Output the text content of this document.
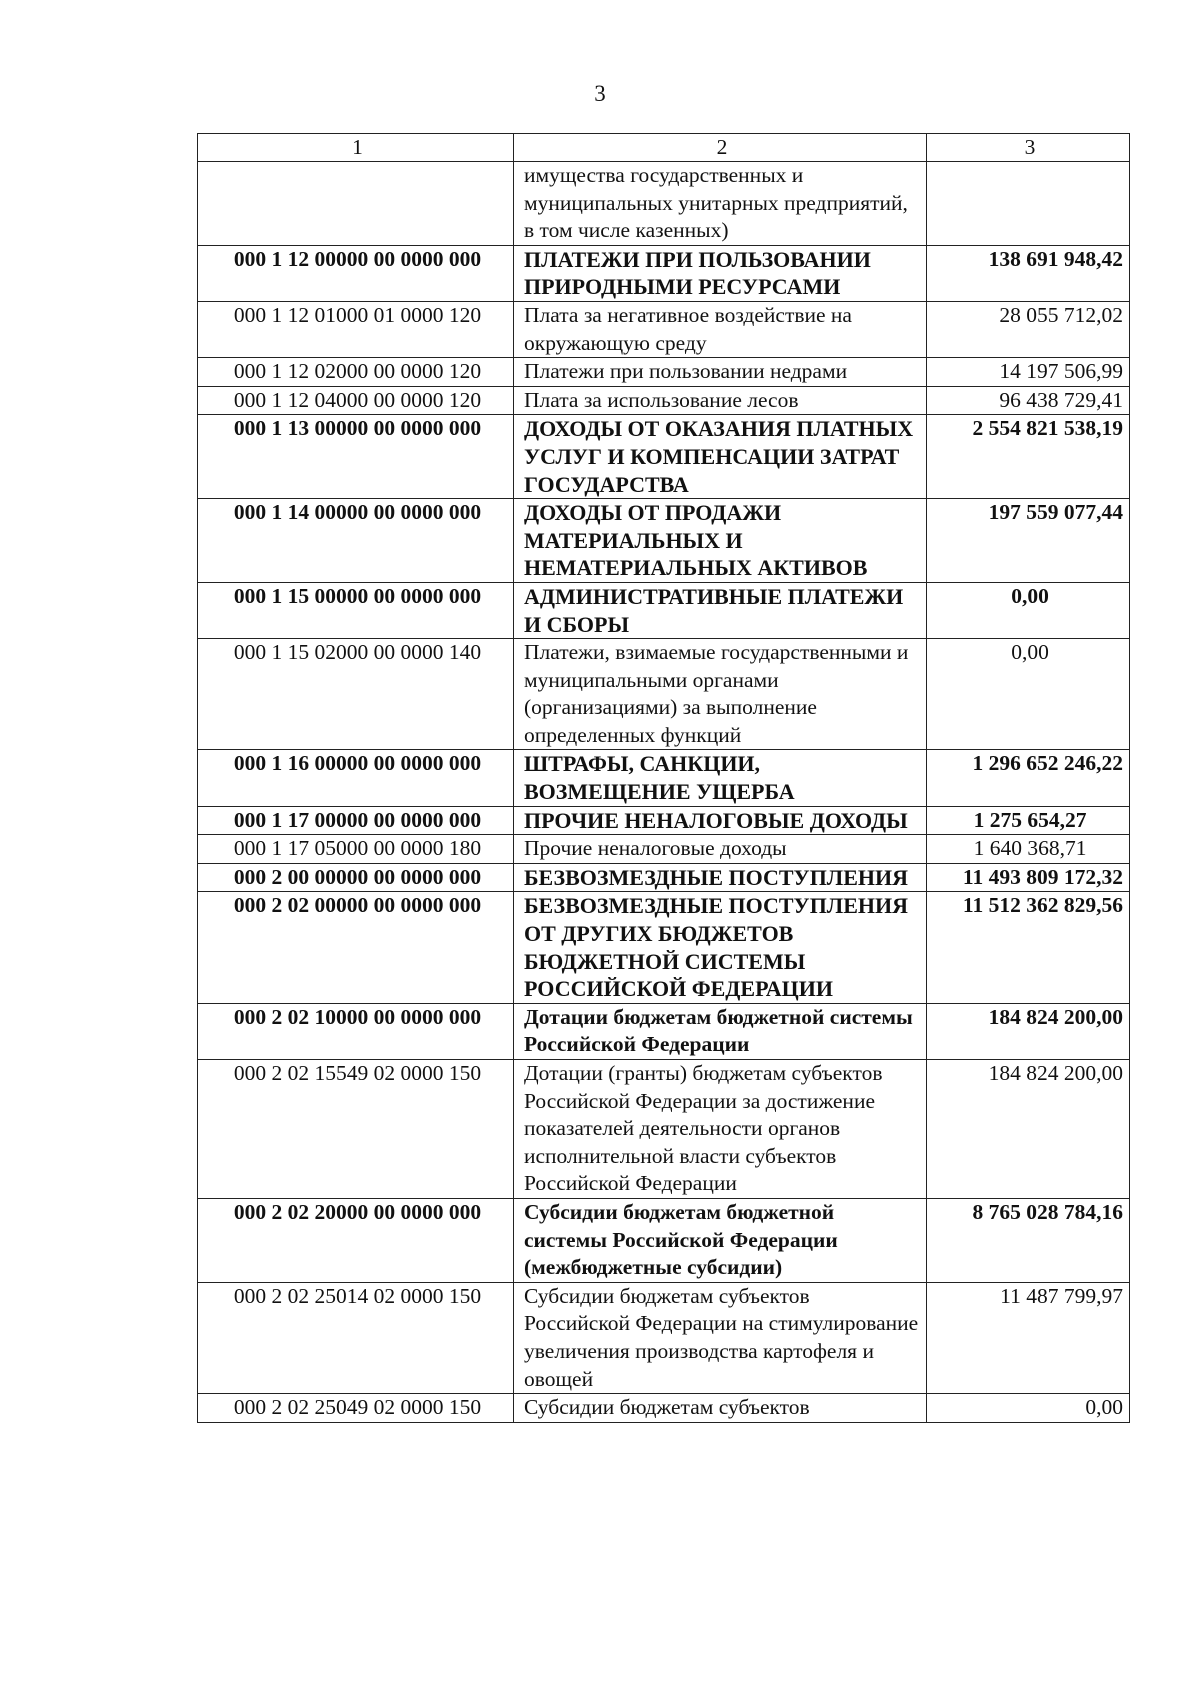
3
1	2	3
	имущества государственных и муниципальных унитарных предприятий, в том числе казенных)	
000 1 12 00000 00 0000 000	ПЛАТЕЖИ ПРИ ПОЛЬЗОВАНИИ ПРИРОДНЫМИ РЕСУРСАМИ	138 691 948,42
000 1 12 01000 01 0000 120	Плата за негативное воздействие на окружающую среду	28 055 712,02
000 1 12 02000 00 0000 120	Платежи при пользовании недрами	14 197 506,99
000 1 12 04000 00 0000 120	Плата за использование лесов	96 438 729,41
000 1 13 00000 00 0000 000	ДОХОДЫ ОТ ОКАЗАНИЯ ПЛАТНЫХ УСЛУГ И КОМПЕНСАЦИИ ЗАТРАТ ГОСУДАРСТВА	2 554 821 538,19
000 1 14 00000 00 0000 000	ДОХОДЫ ОТ ПРОДАЖИ МАТЕРИАЛЬНЫХ И НЕМАТЕРИАЛЬНЫХ АКТИВОВ	197 559 077,44
000 1 15 00000 00 0000 000	АДМИНИСТРАТИВНЫЕ ПЛАТЕЖИ И СБОРЫ	0,00
000 1 15 02000 00 0000 140	Платежи, взимаемые государственными и муниципальными органами (организациями) за выполнение определенных функций	0,00
000 1 16 00000 00 0000 000	ШТРАФЫ, САНКЦИИ, ВОЗМЕЩЕНИЕ УЩЕРБА	1 296 652 246,22
000 1 17 00000 00 0000 000	ПРОЧИЕ НЕНАЛОГОВЫЕ ДОХОДЫ	1 275 654,27
000 1 17 05000 00 0000 180	Прочие неналоговые доходы	1 640 368,71
000 2 00 00000 00 0000 000	БЕЗВОЗМЕЗДНЫЕ ПОСТУПЛЕНИЯ	11 493 809 172,32
000 2 02 00000 00 0000 000	БЕЗВОЗМЕЗДНЫЕ ПОСТУПЛЕНИЯ ОТ ДРУГИХ БЮДЖЕТОВ БЮДЖЕТНОЙ СИСТЕМЫ РОССИЙСКОЙ ФЕДЕРАЦИИ	11 512 362 829,56
000 2 02 10000 00 0000 000	Дотации бюджетам бюджетной системы Российской Федерации	184 824 200,00
000 2 02 15549 02 0000 150	Дотации (гранты) бюджетам субъектов Российской Федерации за достижение показателей деятельности органов исполнительной власти субъектов Российской Федерации	184 824 200,00
000 2 02 20000 00 0000 000	Субсидии бюджетам бюджетной системы Российской Федерации (межбюджетные субсидии)	8 765 028 784,16
000 2 02 25014 02 0000 150	Субсидии бюджетам субъектов Российской Федерации на стимулирование увеличения производства картофеля и овощей	11 487 799,97
000 2 02 25049 02 0000 150	Субсидии бюджетам субъектов	0,00
